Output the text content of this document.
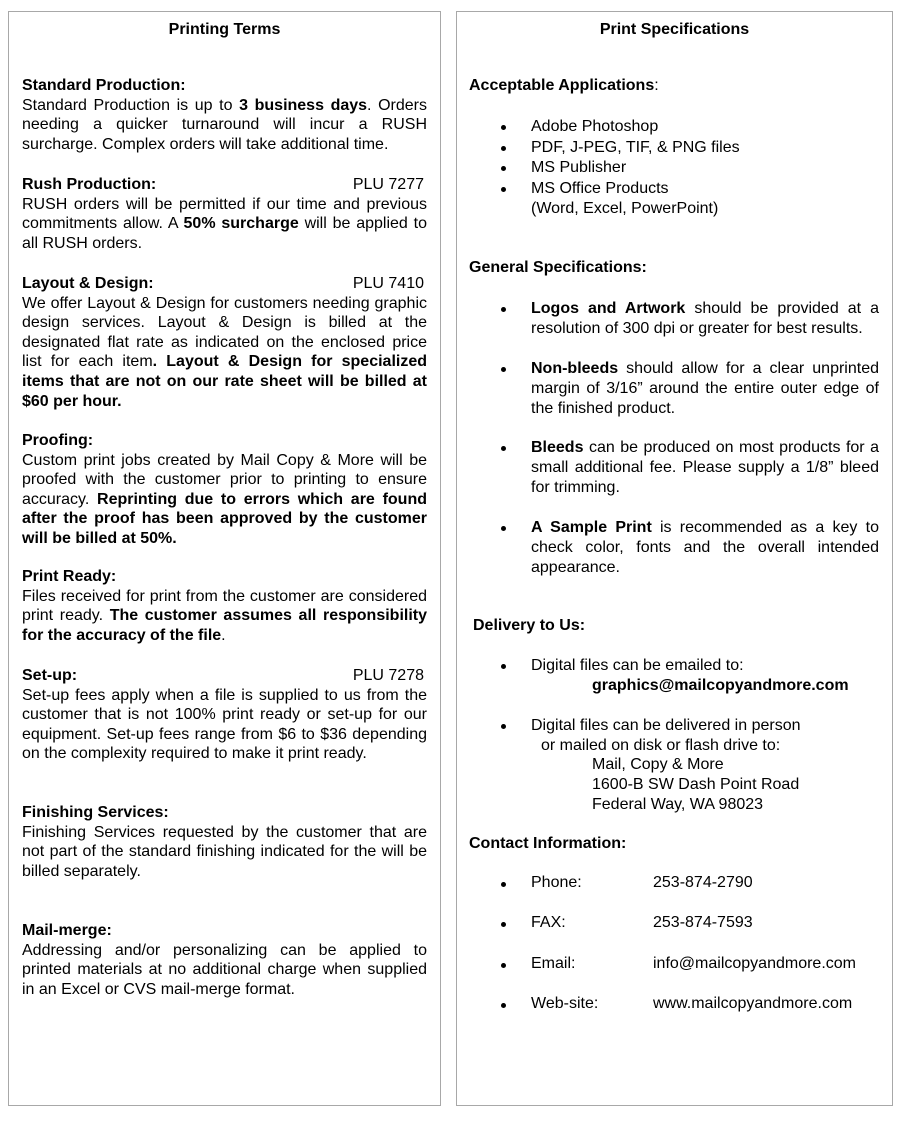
Printing Terms
Standard Production:
Standard Production is up to 3 business days. Orders needing a quicker turnaround will incur a RUSH surcharge. Complex orders will take additional time.
Rush Production:	PLU 7277
RUSH orders will be permitted if our time and previous commitments allow. A 50% surcharge will be applied to all RUSH orders.
Layout & Design:	PLU 7410
We offer Layout & Design for customers needing graphic design services. Layout & Design is billed at the designated flat rate as indicated on the enclosed price list for each item. Layout & Design for specialized items that are not on our rate sheet will be billed at $60 per hour.
Proofing:
Custom print jobs created by Mail Copy & More will be proofed with the customer prior to printing to ensure accuracy. Reprinting due to errors which are found after the proof has been approved by the customer will be billed at 50%.
Print Ready:
Files received for print from the customer are considered print ready. The customer assumes all responsibility for the accuracy of the file.
Set-up:	PLU 7278
Set-up fees apply when a file is supplied to us from the customer that is not 100% print ready or set-up for our equipment. Set-up fees range from $6 to $36 depending on the complexity required to make it print ready.
Finishing Services:
Finishing Services requested by the customer that are not part of the standard finishing indicated for the will be billed separately.
Mail-merge:
Addressing and/or personalizing can be applied to printed materials at no additional charge when supplied in an Excel or CVS mail-merge format.
Print Specifications
Acceptable Applications:
Adobe Photoshop
PDF, J-PEG, TIF, & PNG files
MS Publisher
MS Office Products
(Word, Excel, PowerPoint)
General Specifications:
Logos and Artwork should be provided at a resolution of 300 dpi or greater for best results.
Non-bleeds should allow for a clear unprinted margin of 3/16” around the entire outer edge of the finished product.
Bleeds can be produced on most products for a small additional fee. Please supply a 1/8” bleed for trimming.
A Sample Print is recommended as a key to check color, fonts and the overall intended appearance.
Delivery to Us:
Digital files can be emailed to:
graphics@mailcopyandmore.com
Digital files can be delivered in person
or mailed on disk or flash drive to:
Mail, Copy & More
1600-B SW Dash Point Road
Federal Way, WA 98023
Contact Information:
Phone:	253-874-2790
FAX:	253-874-7593
Email:	info@mailcopyandmore.com
Web-site:	www.mailcopyandmore.com
